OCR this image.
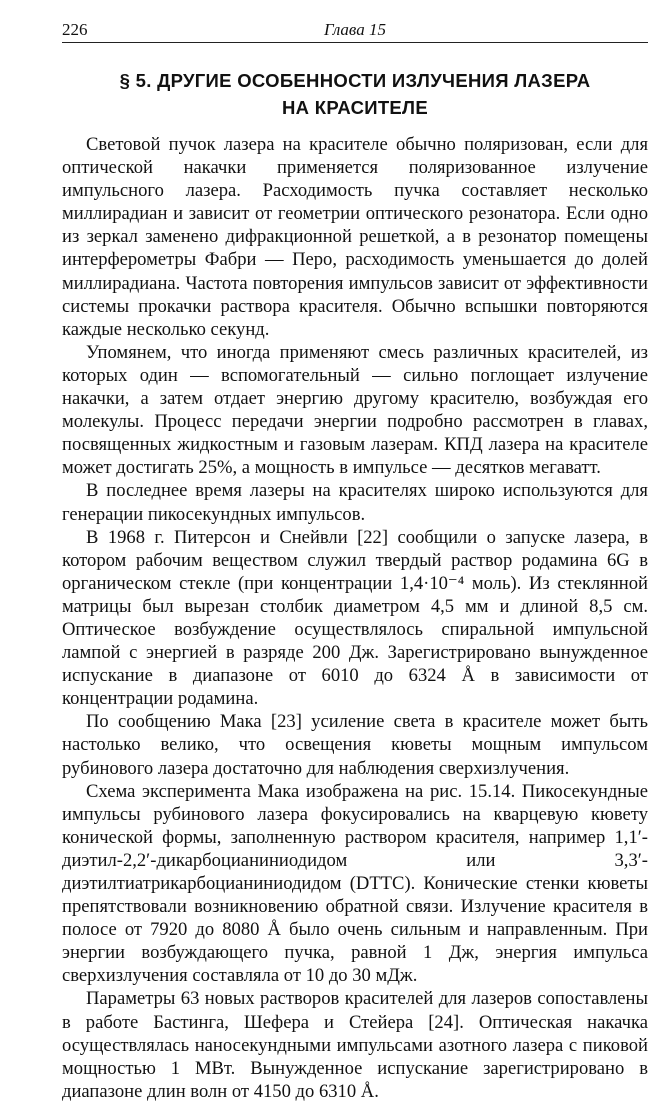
226	Глава 15
§ 5. ДРУГИЕ ОСОБЕННОСТИ ИЗЛУЧЕНИЯ ЛАЗЕРА
НА КРАСИТЕЛЕ

Световой пучок лазера на красителе обычно поляризован, если для оптической накачки применяется поляризованное излучение импульсного лазера. Расходимость пучка составляет несколько миллирадиан и зависит от геометрии оптического резонатора. Если одно из зеркал заменено дифракционной решеткой, а в резонатор помещены интерферометры Фабри — Перо, расходимость уменьшается до долей миллирадиана. Частота повторения импульсов зависит от эффективности системы прокачки раствора красителя. Обычно вспышки повторяются каждые несколько секунд.

Упомянем, что иногда применяют смесь различных красителей, из которых один — вспомогательный — сильно поглощает излучение накачки, а затем отдает энергию другому красителю, возбуждая его молекулы. Процесс передачи энергии подробно рассмотрен в главах, посвященных жидкостным и газовым лазерам. КПД лазера на красителе может достигать 25%, а мощность в импульсе — десятков мегаватт.

В последнее время лазеры на красителях широко используются для генерации пикосекундных импульсов.

В 1968 г. Питерсон и Снейвли [22] сообщили о запуске лазера, в котором рабочим веществом служил твердый раствор родамина 6G в органическом стекле (при концентрации 1,4·10⁻⁴ моль). Из стеклянной матрицы был вырезан столбик диаметром 4,5 мм и длиной 8,5 см. Оптическое возбуждение осуществлялось спиральной импульсной лампой с энергией в разряде 200 Дж. Зарегистрировано вынужденное испускание в диапазоне от 6010 до 6324 Å в зависимости от концентрации родамина.

По сообщению Мака [23] усиление света в красителе может быть настолько велико, что освещения кюветы мощным импульсом рубинового лазера достаточно для наблюдения сверхизлучения.

Схема эксперимента Мака изображена на рис. 15.14. Пикосекундные импульсы рубинового лазера фокусировались на кварцевую кювету конической формы, заполненную раствором красителя, например 1,1′-диэтил-2,2′-дикарбоцианиниодидом или 3,3′-диэтилтиатрикарбоцианиниодидом (DTTC). Конические стенки кюветы препятствовали возникновению обратной связи. Излучение красителя в полосе от 7920 до 8080 Å было очень сильным и направленным. При энергии возбуждающего пучка, равной 1 Дж, энергия импульса сверхизлучения составляла от 10 до 30 мДж.

Параметры 63 новых растворов красителей для лазеров сопоставлены в работе Бастинга, Шефера и Стейера [24]. Оптическая накачка осуществлялась наносекундными импульсами азотного лазера с пиковой мощностью 1 МВт. Вынужденное испускание зарегистрировано в диапазоне длин волн от 4150 до 6310 Å.
